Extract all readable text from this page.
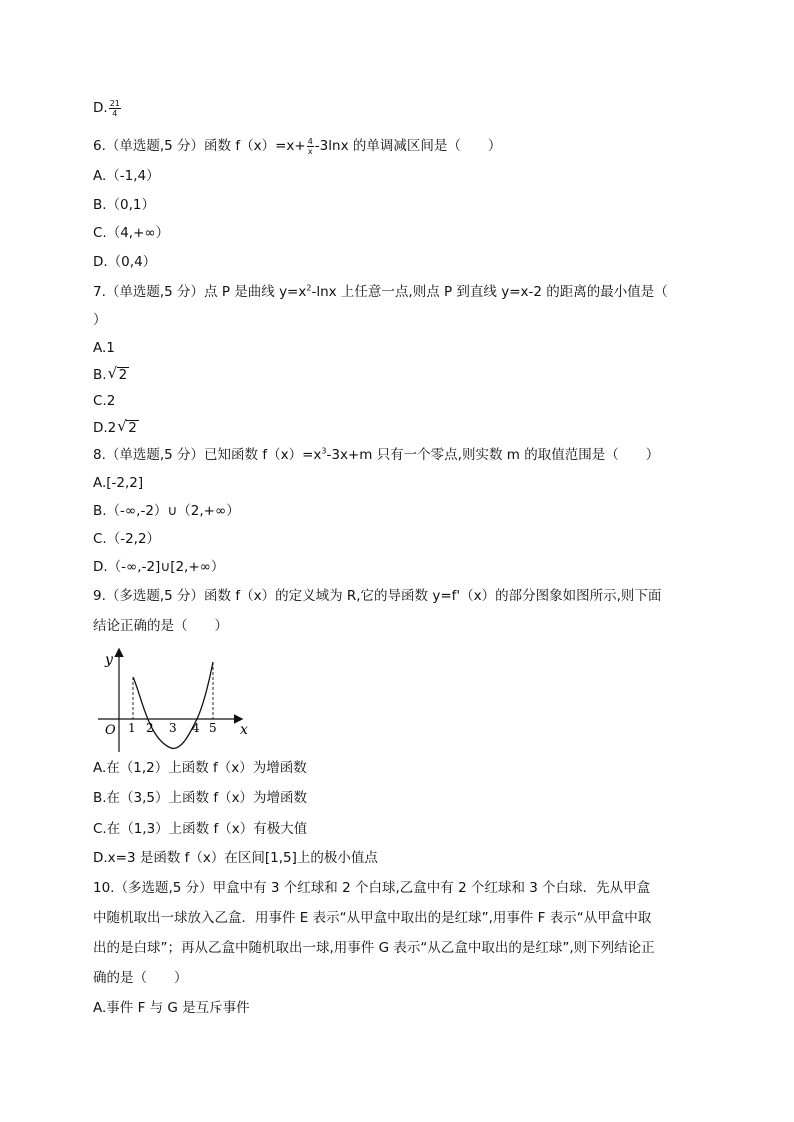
D. $\frac{21}{4}$
6.（单选题,5 分）函数 $f(x)=x+ \frac{4}{x} -3\ln x$ 的单调减区间是（　　）
A.（-1,4）
B.（0,1）
C.（4,+∞）
D.（0,4）
7.（单选题,5 分）点 P 是曲线 $y=x^2$-lnx 上任意一点,则点 P 到直线 y=x-2 的距离的最小值是（
）
A.1
B. √ 2
C.2
D.2 √ 2
8.（单选题,5 分）已知函数 $f(x)=x^3-3x+m$ 只有一个零点,则实数 m 的取值范围是（　　）
A.[-2,2]
B.（-∞,-2）∪（2,+∞）
C.（-2,2）
D.（-∞,-2]∪[2,+∞）
9.（多选题,5 分）函数 f（x）的定义域为 R,它的导函数 y=f'（x）的部分图象如图所示,则下面
结论正确的是（　　）
y
x
O 1 2 3 4 5
A.在（1,2）上函数 f（x）为增函数
B.在（3,5）上函数 f（x）为增函数
C.在（1,3）上函数 f（x）有极大值
D.x=3 是函数 f（x）在区间[1,5]上的极小值点
10.（多选题,5 分）甲盒中有 3 个红球和 2 个白球,乙盒中有 2 个红球和 3 个白球．先从甲盒
中随机取出一球放入乙盒．用事件 E 表示“从甲盒中取出的是红球”,用事件 F 表示“从甲盒中取
出的是白球”；再从乙盒中随机取出一球,用事件 G 表示“从乙盒中取出的是红球”,则下列结论正
确的是（　　）
A.事件 F 与 G 是互斥事件
